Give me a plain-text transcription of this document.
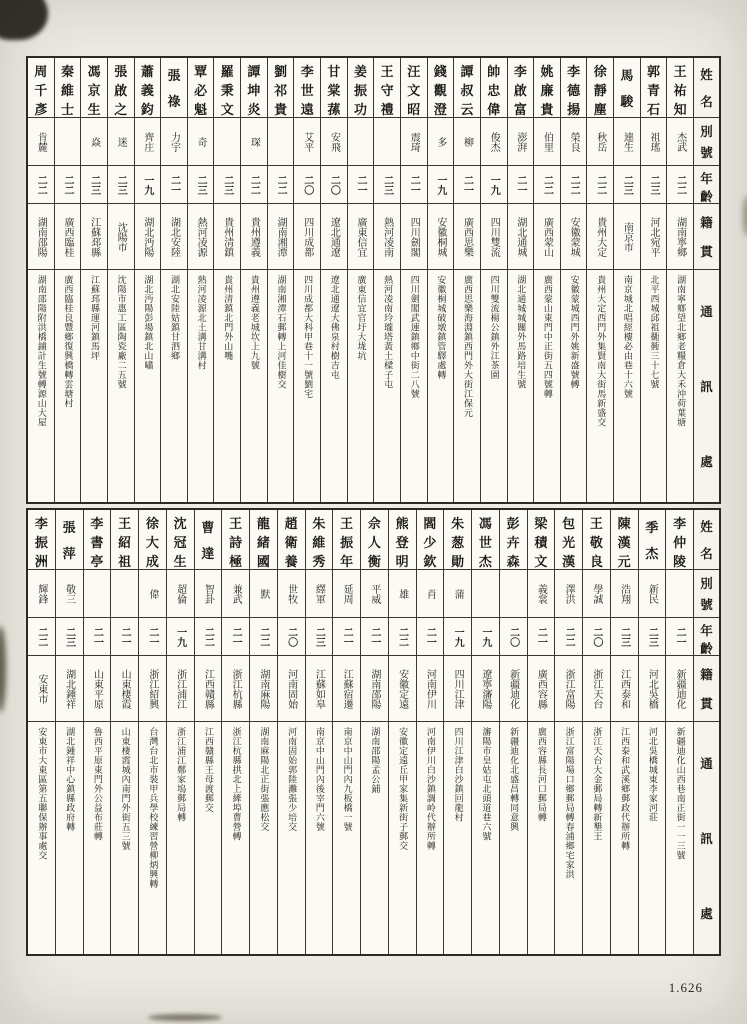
姓
名
別
號
年
齡
籍
貫
通
訊
處
王
祐
知
杰武
二二
湖南寧鄉
湖南寧鄉望北鄉老糧倉大禾沖荷葉塘
郭
青
石
祖瑤
二三
河北宛平
北平西城邱祖衚衕三十七號
馬
駿
連生
二三
南京市
南京城北唱經樓必由巷十六號
徐
靜
塵
秋岳
二二
貴州大定
貴州大定西門外集賢南大街馬新盛交
李
德
揚
榮良
二二
安徽蒙城
安徽蒙城西門外姚新盛號轉
姚
廉
貴
伯里
二二
廣西蒙山
廣西蒙山東門中正街五四號轉
李
啟
富
澎湃
二一
湖北通城
湖北通城城關外馬路培生號
帥
忠
偉
俊杰
一九
四川雙流
四川雙流楊公鎮外江茶園
譚
叔
云
柳
二一
廣西思樂
廣西思樂海淵鎮西門外大街江保元
錢
觀
澄
多
一九
安徽桐城
安徽桐城破墩鎮管驛處轉
汪
文
昭
震琦
二一
四川劍閣
四川劍閣武連鎮鄉中街二八號
王
守
禮
二三
熱河凌南
熱河凌南玲瓏塔黃土樑子屯
姜
振
功
二一
廣東信宜
廣東信宜官圩大垅坑
甘
棠
蓀
安飛
二〇
遼北通遼
遼北通遼大佛泉村樹吉屯
李
世
遠
艾平
二〇
四川成都
四川成都大科甲巷十一號劉宅
劉
祁
貴
二二
湖南湘潭
湖南湘潭石郵轉上河佳樹交
譚
坤
炎
琛
二二
貴州遵義
貴州遵義老城坎上九號
羅
秉
文
二三
貴州清鎮
貴州清鎮北門外山嘴
覃
必
魁
奇
二三
熱河凌源
熱河凌源北土溝甘溝村
張
祿
力宇
二一
湖北安陸
湖北安陸姑鎮甘泗鄉
蕭
義
鈞
齊庄
一九
湖北沔陽
湖北沔陽彭場鎮北山嘯
張
啟
之
迷
二三
沈陽市
沈陽市惠工區陶瓷廠二五號
馮
京
生
焱
二三
江蘇邳縣
江蘇邳縣運河鎮馬坪
秦
維
士
二二
廣西臨桂
廣西臨桂良豐鄉復興橋轉雲塘村
周
千
彥
肯麓
二二
湖南邵陽
湖南邵陽附洪橋鋪計生號轉源山大屋
姓
名
別
號
年
齡
籍
貫
通
訊
處
李
仲
陵
二一
新疆迪化
新疆迪化山西巷南正街一一三號
季
杰
新民
二三
河北吳橋
河北吳橋城東李家河莊
陳
漢
元
浩翔
二三
江西泰和
江西泰和武溪鄉郵政代辦所轉
王
敬
良
學誠
二〇
浙江天台
浙江天台大金郵局轉新墾王
包
光
漢
澤洪
二二
浙江富陽
浙江富陽場口鄉郵局轉春浦鄉宅家洪
梁
積
文
義裳
二一
廣西容縣
廣西容縣長河口郵局轉
彭
卉
森
二〇
新疆迪化
新疆迪化北盛昌轉同意興
馮
世
杰
一九
遼寧瀋陽
瀋陽市皇姑屯北頭道巷六號
朱
葱
勛
蒲
一九
四川江津
四川江津白沙鎮回龍村
閻
少
欽
肖
二一
河南伊川
河南伊川白沙鎮調岭代辦所轉
熊
登
明
雄
二二
安徽定遠
安徽定遠丘甲家集新街子郵交
佘
人
衡
平威
二一
湖南邵陽
湖南邵陽孟公鋪
王
振
年
延周
二一
江蘇宿遷
南京中山門內九板橋一號
朱
維
秀
繹軍
二三
江蘇如皋
南京中山門內後宰門六號
趙
衛
養
世牧
二〇
河南固始
河南固始郭陸灘張少培交
龍
緒
國
默
二二
湖南麻陽
湖南麻陽北正街張應松交
王
詩
極
兼武
二一
浙江杭縣
浙江杭縣拱北上縴埠曹營轉
曹
達
智卦
二二
江西贛縣
江西贛縣王母渡郵交
沈
冠
生
超倫
一九
浙江浦江
浙江浦江鄭家塢郵局轉
徐
大
成
偉
二一
浙江紹興
台灣台北市裝甲兵學校練習營柳炳興轉
王
紹
祖
二一
山東棲霞
山東棲霞城內南門外街五三號
李
書
亭
二一
山東平原
魯西平原東門外公益布莊轉
張
萍
敬三
二三
湖北鍾祥
湖北鍾祥中心鎮縣政府轉
李
振
洲
輝鋒
二二
安東市
安東市大東區第五聯保辦事處交
1.626
